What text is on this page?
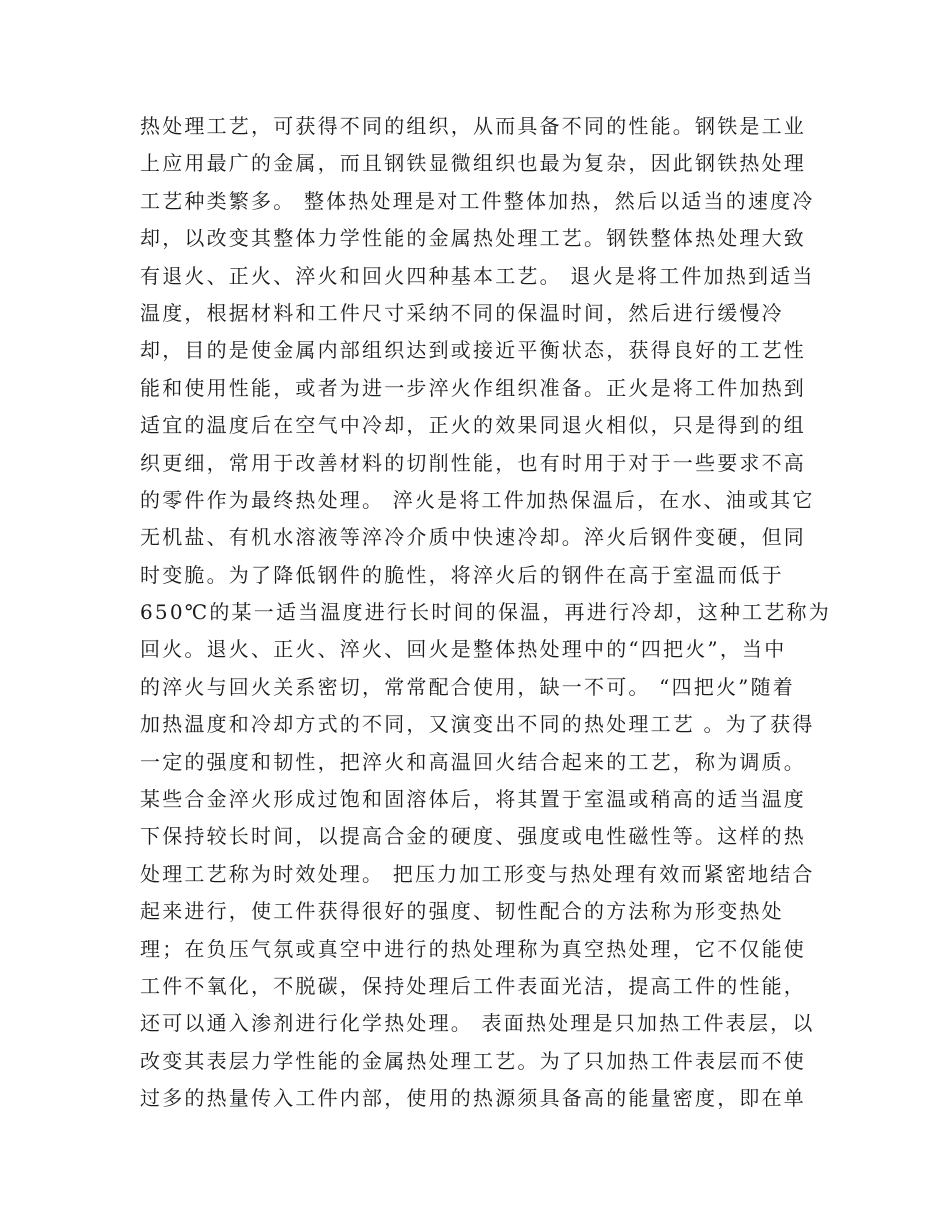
热处理工艺，可获得不同的组织，从而具备不同的性能。钢铁是工业
上应用最广的金属，而且钢铁显微组织也最为复杂，因此钢铁热处理
工艺种类繁多。 整体热处理是对工件整体加热，然后以适当的速度冷
却，以改变其整体力学性能的金属热处理工艺。钢铁整体热处理大致
有退火、正火、淬火和回火四种基本工艺。 退火是将工件加热到适当
温度，根据材料和工件尺寸采纳不同的保温时间，然后进行缓慢冷
却，目的是使金属内部组织达到或接近平衡状态，获得良好的工艺性
能和使用性能，或者为进一步淬火作组织准备。正火是将工件加热到
适宜的温度后在空气中冷却，正火的效果同退火相似，只是得到的组
织更细，常用于改善材料的切削性能，也有时用于对于一些要求不高
的零件作为最终热处理。 淬火是将工件加热保温后，在水、油或其它
无机盐、有机水溶液等淬冷介质中快速冷却。淬火后钢件变硬，但同
时变脆。为了降低钢件的脆性，将淬火后的钢件在高于室温而低于
650℃的某一适当温度进行长时间的保温，再进行冷却，这种工艺称为
回火。退火、正火、淬火、回火是整体热处理中的“四把火”，当中
的淬火与回火关系密切，常常配合使用，缺一不可。 “四把火”随着
加热温度和冷却方式的不同，又演变出不同的热处理工艺 。为了获得
一定的强度和韧性，把淬火和高温回火结合起来的工艺，称为调质。
某些合金淬火形成过饱和固溶体后，将其置于室温或稍高的适当温度
下保持较长时间，以提高合金的硬度、强度或电性磁性等。这样的热
处理工艺称为时效处理。 把压力加工形变与热处理有效而紧密地结合
起来进行，使工件获得很好的强度、韧性配合的方法称为形变热处
理；在负压气氛或真空中进行的热处理称为真空热处理，它不仅能使
工件不氧化，不脱碳，保持处理后工件表面光洁，提高工件的性能，
还可以通入渗剂进行化学热处理。 表面热处理是只加热工件表层，以
改变其表层力学性能的金属热处理工艺。为了只加热工件表层而不使
过多的热量传入工件内部，使用的热源须具备高的能量密度，即在单
